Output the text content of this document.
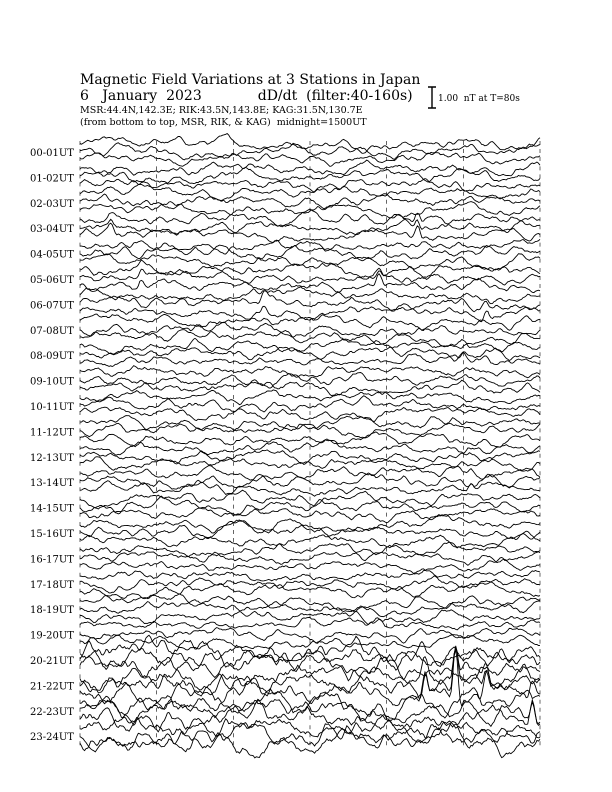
Magnetic Field Variations at 3 Stations in Japan
6   January  2023	dD/dt  (filter:40-160s)
MSR:44.4N,142.3E; RIK:43.5N,143.8E; KAG:31.5N,130.7E
(from bottom to top, MSR, RIK, & KAG)  midnight=1500UT
1.00  nT at T=80s
00-01UT
01-02UT
02-03UT
03-04UT
04-05UT
05-06UT
06-07UT
07-08UT
08-09UT
09-10UT
10-11UT
11-12UT
12-13UT
13-14UT
14-15UT
15-16UT
16-17UT
17-18UT
18-19UT
19-20UT
20-21UT
21-22UT
22-23UT
23-24UT
